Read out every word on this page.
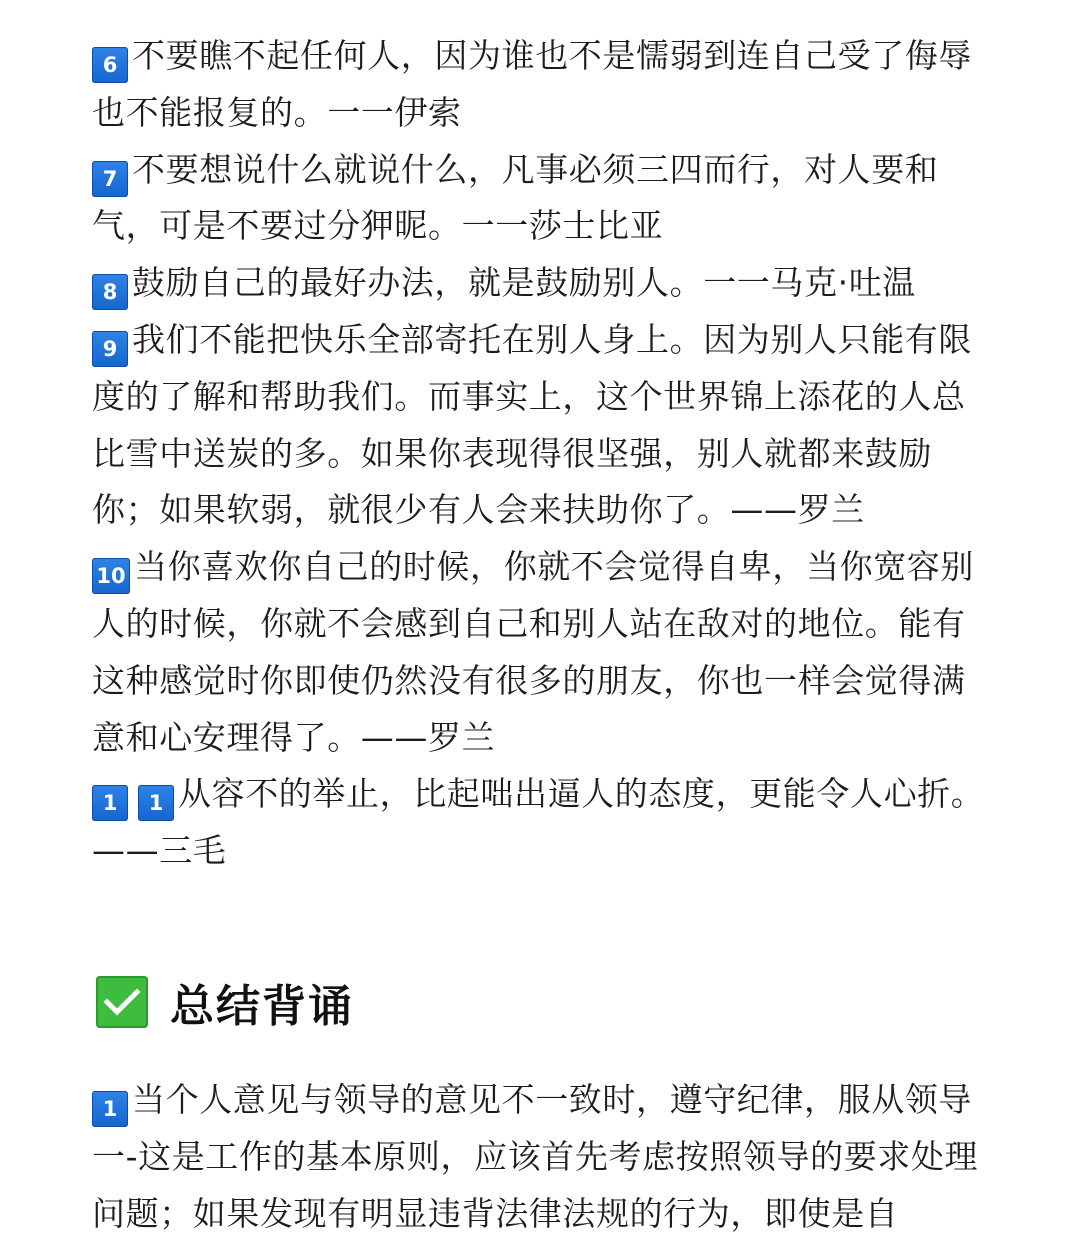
6 不要瞧不起任何人，因为谁也不是懦弱到连自己受了侮辱也不能报复的。一一伊索

7 不要想说什么就说什么，凡事必须三四而行，对人要和气，可是不要过分狎昵。一一莎士比亚

8 鼓励自己的最好办法，就是鼓励别人。一一马克·吐温

9 我们不能把快乐全部寄托在别人身上。因为别人只能有限度的了解和帮助我们。而事实上，这个世界锦上添花的人总比雪中送炭的多。如果你表现得很坚强，别人就都来鼓励你；如果软弱，就很少有人会来扶助你了。——罗兰

10 当你喜欢你自己的时候，你就不会觉得自卑，当你宽容别人的时候，你就不会感到自己和别人站在敌对的地位。能有这种感觉时你即使仍然没有很多的朋友，你也一样会觉得满意和心安理得了。——罗兰

1 1 从容不的举止，比起咄出逼人的态度，更能令人心折。——三毛

总结背诵

1 当个人意见与领导的意见不一致时，遵守纪律，服从领导一-这是工作的基本原则，应该首先考虑按照领导的要求处理问题；如果发现有明显违背法律法规的行为，即使是自
